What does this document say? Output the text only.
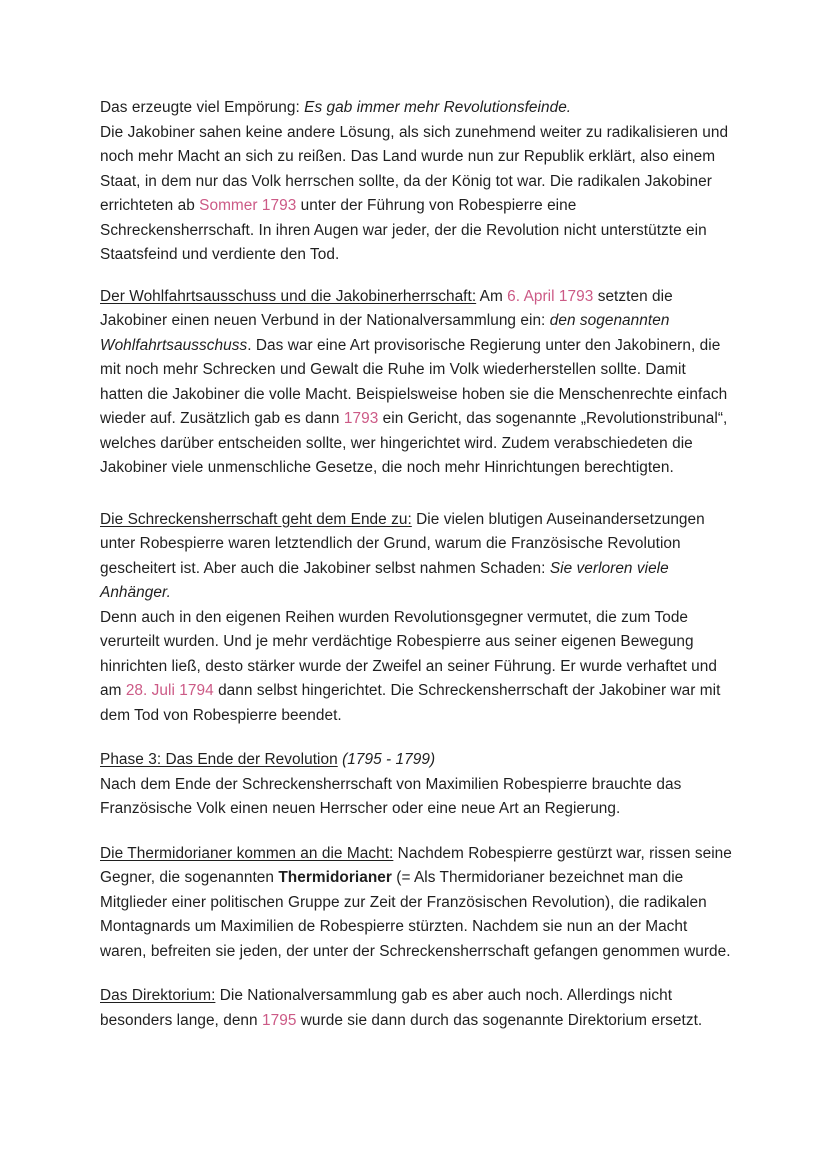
Das erzeugte viel Empörung: Es gab immer mehr Revolutionsfeinde.
Die Jakobiner sahen keine andere Lösung, als sich zunehmend weiter zu radikalisieren und noch mehr Macht an sich zu reißen. Das Land wurde nun zur Republik erklärt, also einem Staat, in dem nur das Volk herrschen sollte, da der König tot war. Die radikalen Jakobiner errichteten ab Sommer 1793 unter der Führung von Robespierre eine Schreckensherrschaft. In ihren Augen war jeder, der die Revolution nicht unterstützte ein Staatsfeind und verdiente den Tod.

Der Wohlfahrtsausschuss und die Jakobinerherrschaft: Am 6. April 1793 setzten die Jakobiner einen neuen Verbund in der Nationalversammlung ein: den sogenannten Wohlfahrtsausschuss. Das war eine Art provisorische Regierung unter den Jakobinern, die mit noch mehr Schrecken und Gewalt die Ruhe im Volk wiederherstellen sollte. Damit hatten die Jakobiner die volle Macht. Beispielsweise hoben sie die Menschenrechte einfach wieder auf. Zusätzlich gab es dann 1793 ein Gericht, das sogenannte „Revolutionstribunal“, welches darüber entscheiden sollte, wer hingerichtet wird. Zudem verabschiedeten die Jakobiner viele unmenschliche Gesetze, die noch mehr Hinrichtungen berechtigten.

Die Schreckensherrschaft geht dem Ende zu: Die vielen blutigen Auseinandersetzungen unter Robespierre waren letztendlich der Grund, warum die Französische Revolution gescheitert ist. Aber auch die Jakobiner selbst nahmen Schaden: Sie verloren viele Anhänger.
Denn auch in den eigenen Reihen wurden Revolutionsgegner vermutet, die zum Tode verurteilt wurden. Und je mehr verdächtige Robespierre aus seiner eigenen Bewegung hinrichten ließ, desto stärker wurde der Zweifel an seiner Führung. Er wurde verhaftet und am 28. Juli 1794 dann selbst hingerichtet. Die Schreckensherrschaft der Jakobiner war mit dem Tod von Robespierre beendet.

Phase 3: Das Ende der Revolution (1795 - 1799)
Nach dem Ende der Schreckensherrschaft von Maximilien Robespierre brauchte das Französische Volk einen neuen Herrscher oder eine neue Art an Regierung.

Die Thermidorianer kommen an die Macht: Nachdem Robespierre gestürzt war, rissen seine Gegner, die sogenannten Thermidorianer (= Als Thermidorianer bezeichnet man die Mitglieder einer politischen Gruppe zur Zeit der Französischen Revolution), die radikalen Montagnards um Maximilien de Robespierre stürzten. Nachdem sie nun an der Macht waren, befreiten sie jeden, der unter der Schreckensherrschaft gefangen genommen wurde.

Das Direktorium: Die Nationalversammlung gab es aber auch noch. Allerdings nicht besonders lange, denn 1795 wurde sie dann durch das sogenannte Direktorium ersetzt.
